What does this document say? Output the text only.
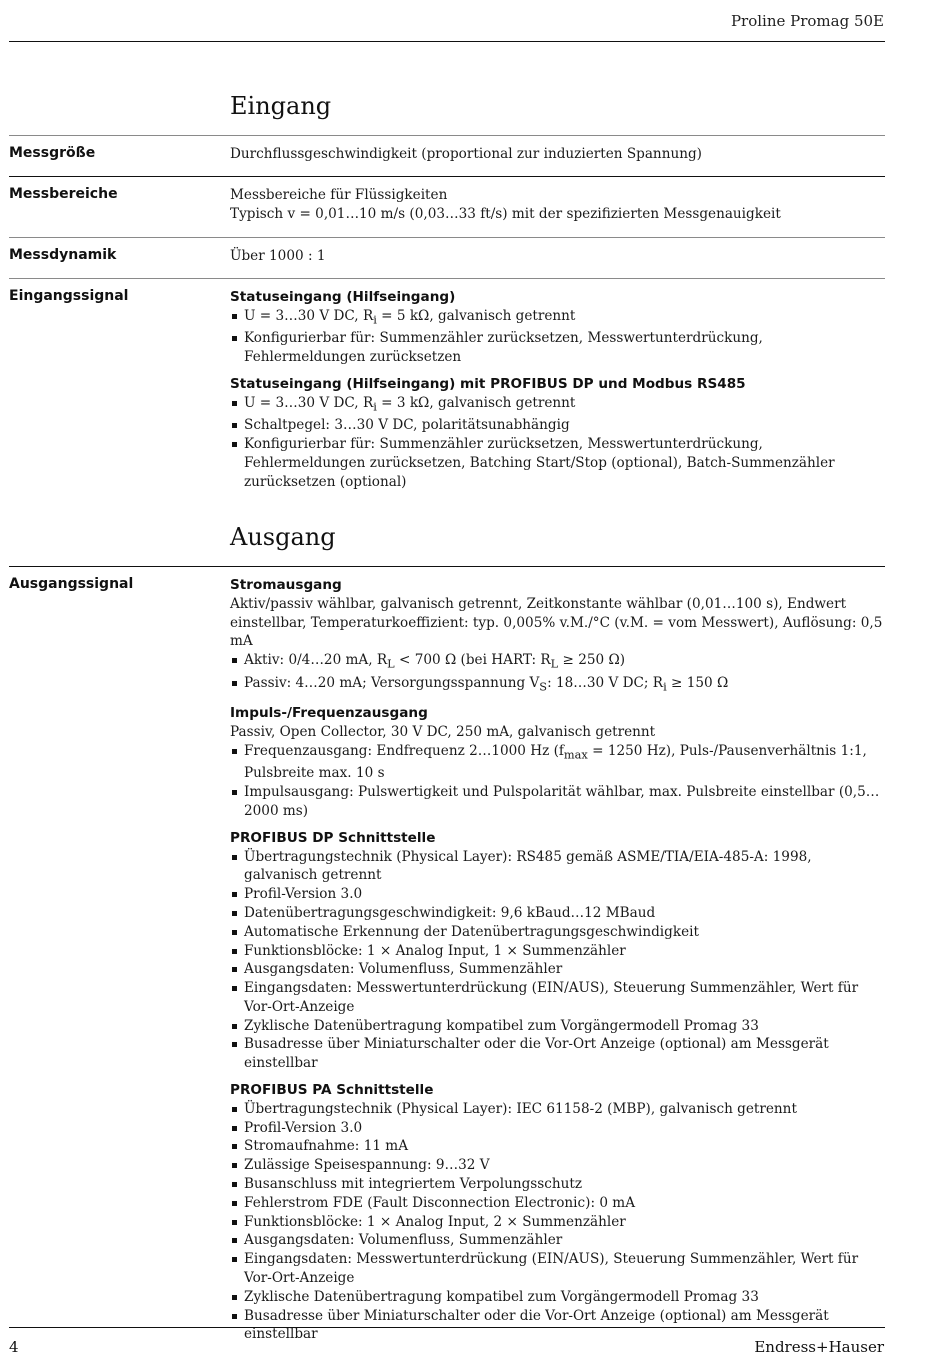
Proline Promag 50E
Eingang
Messgröße	Durchflussgeschwindigkeit (proportional zur induzierten Spannung)
Messbereiche	Messbereiche für Flüssigkeiten
Typisch v = 0,01…10 m/s (0,03…33 ft/s) mit der spezifizierten Messgenauigkeit
Messdynamik	Über 1000 : 1
Eingangssignal	Statuseingang (Hilfseingang)
U = 3…30 V DC, $R_i = 5$ kΩ, galvanisch getrennt
Konfigurierbar für: Summenzähler zurücksetzen, Messwertunterdrückung, Fehlermeldungen zurücksetzen
Statuseingang (Hilfseingang) mit PROFIBUS DP und Modbus RS485
U = 3…30 V DC, $R_i = 3$ kΩ, galvanisch getrennt
Schaltpegel: 3…30 V DC, polaritätsunabhängig
Konfigurierbar für: Summenzähler zurücksetzen, Messwertunterdrückung, Fehlermeldungen zurücksetzen, Batching Start/Stop (optional), Batch-Summenzähler zurücksetzen (optional)
Ausgang
Ausgangssignal	Stromausgang
Aktiv/passiv wählbar, galvanisch getrennt, Zeitkonstante wählbar (0,01…100 s), Endwert einstellbar, Temperaturkoeffizient: typ. 0,005% v.M./°C (v.M. = vom Messwert), Auflösung: 0,5 mA
Aktiv: 0/4…20 mA, $R_L < 700$ Ω (bei HART: $R_L \ge 250$ Ω)
Passiv: 4…20 mA; Versorgungsspannung $V_S$: 18…30 V DC; $R_i \ge 150$ Ω
Impuls-/Frequenzausgang
Passiv, Open Collector, 30 V DC, 250 mA, galvanisch getrennt
Frequenzausgang: Endfrequenz 2…1000 Hz ($f_{max} = 1250$ Hz), Puls-/Pausenverhältnis 1:1, Pulsbreite max. 10 s
Impulsausgang: Pulswertigkeit und Pulspolarität wählbar, max. Pulsbreite einstellbar (0,5…2000 ms)
PROFIBUS DP Schnittstelle
Übertragungstechnik (Physical Layer): RS485 gemäß ASME/TIA/EIA-485-A: 1998, galvanisch getrennt
Profil-Version 3.0
Datenübertragungsgeschwindigkeit: 9,6 kBaud…12 MBaud
Automatische Erkennung der Datenübertragungsgeschwindigkeit
Funktionsblöcke: 1 × Analog Input, 1 × Summenzähler
Ausgangsdaten: Volumenfluss, Summenzähler
Eingangsdaten: Messwertunterdrückung (EIN/AUS), Steuerung Summenzähler, Wert für Vor-Ort-Anzeige
Zyklische Datenübertragung kompatibel zum Vorgängermodell Promag 33
Busadresse über Miniaturschalter oder die Vor-Ort Anzeige (optional) am Messgerät einstellbar
PROFIBUS PA Schnittstelle
Übertragungstechnik (Physical Layer): IEC 61158-2 (MBP), galvanisch getrennt
Profil-Version 3.0
Stromaufnahme: 11 mA
Zulässige Speisespannung: 9…32 V
Busanschluss mit integriertem Verpolungsschutz
Fehlerstrom FDE (Fault Disconnection Electronic): 0 mA
Funktionsblöcke: 1 × Analog Input, 2 × Summenzähler
Ausgangsdaten: Volumenfluss, Summenzähler
Eingangsdaten: Messwertunterdrückung (EIN/AUS), Steuerung Summenzähler, Wert für Vor-Ort-Anzeige
Zyklische Datenübertragung kompatibel zum Vorgängermodell Promag 33
Busadresse über Miniaturschalter oder die Vor-Ort Anzeige (optional) am Messgerät einstellbar
4	Endress+Hauser
